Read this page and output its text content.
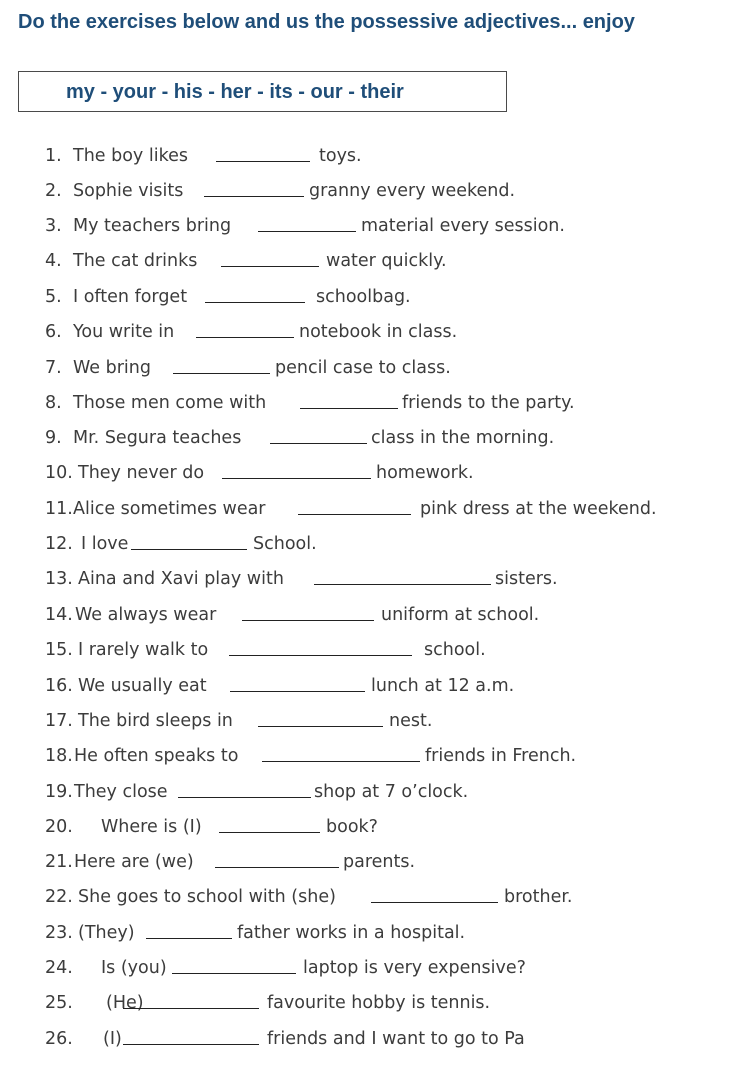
Do the exercises below and us the possessive adjectives... enjoy
my - your - his - her - its - our - their
1. The boy likes	toys.
2. Sophie visits	granny every weekend.
3. My teachers bring	material every session.
4. The cat drinks	water quickly.
5. I often forget	schoolbag.
6. You write in	notebook in class.
7. We bring	pencil case to class.
8. Those men come with	friends to the party.
9. Mr. Segura teaches	class in the morning.
10. They never do	homework.
11. Alice sometimes wear	pink dress at the weekend.
12. I love	School.
13. Aina and Xavi play with	sisters.
14. We always wear	uniform at school.
15. I rarely walk to	school.
16. We usually eat	lunch at 12 a.m.
17. The bird sleeps in	nest.
18. He often speaks to	friends in French.
19. They close	shop at 7 o’clock.
20. Where is (I)	book?
21. Here are (we)	parents.
22. She goes to school with (she)	brother.
23. (They)	father works in a hospital.
24. Is (you)	laptop is very expensive?
25. (He)	favourite hobby is tennis.
26. (I)	friends and I want to go to Pa
